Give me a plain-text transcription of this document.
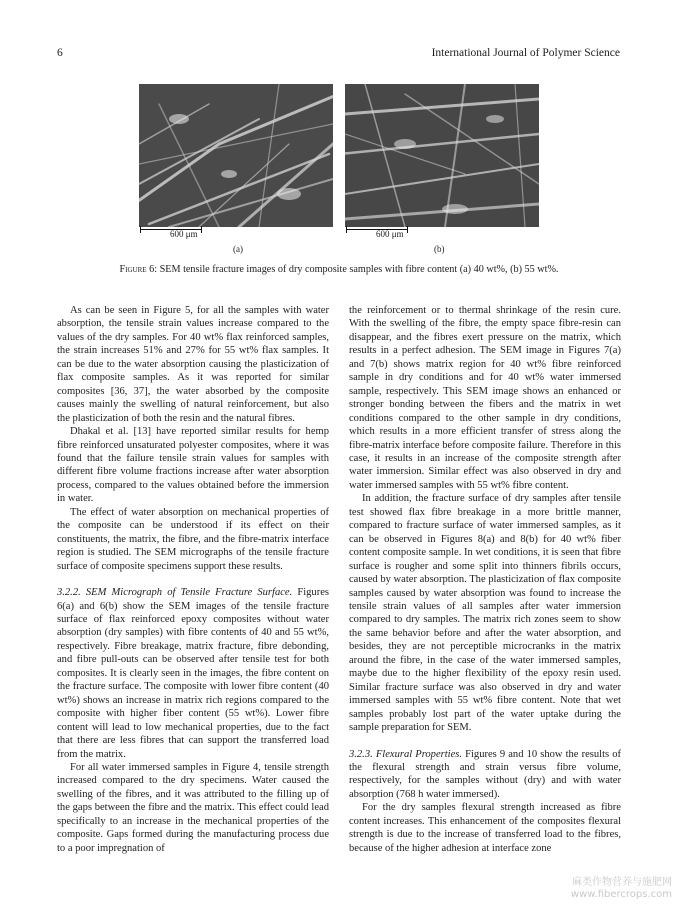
6	International Journal of Polymer Science
600 μm	600 μm
(a)	(b)
Figure 6: SEM tensile fracture images of dry composite samples with fibre content (a) 40 wt%, (b) 55 wt%.

As can be seen in Figure 5, for all the samples with water absorption, the tensile strain values increase compared to the values of the dry samples. For 40 wt% flax reinforced samples, the strain increases 51% and 27% for 55 wt% flax samples. It can be due to the water absorption causing the plasticization of flax composite samples. As it was reported for similar composites [36, 37], the water absorbed by the composite causes mainly the swelling of natural reinforcement, but also the plasticization of both the resin and the natural fibres.

Dhakal et al. [13] have reported similar results for hemp fibre reinforced unsaturated polyester composites, where it was found that the failure tensile strain values for samples with different fibre volume fractions increase after water absorption process, compared to the values obtained before the immersion in water.

The effect of water absorption on mechanical properties of the composite can be understood if its effect on their constituents, the matrix, the fibre, and the fibre-matrix interface region is studied. The SEM micrographs of the tensile fracture surface of composite specimens support these results.

3.2.2. SEM Micrograph of Tensile Fracture Surface. Figures 6(a) and 6(b) show the SEM images of the tensile fracture surface of flax reinforced epoxy composites without water absorption (dry samples) with fibre contents of 40 and 55 wt%, respectively. Fibre breakage, matrix fracture, fibre debonding, and fibre pull-outs can be observed after tensile test for both composites. It is clearly seen in the images, the fibre content on the fracture surface. The composite with lower fibre content (40 wt%) shows an increase in matrix rich regions compared to the composite with higher fiber content (55 wt%). Lower fibre content will lead to low mechanical properties, due to the fact that there are less fibres that can support the transferred load from the matrix.

For all water immersed samples in Figure 4, tensile strength increased compared to the dry specimens. Water caused the swelling of the fibres, and it was attributed to the filling up of the gaps between the fibre and the matrix. This effect could lead specifically to an increase in the mechanical properties of the composite. Gaps formed during the manufacturing process due to a poor impregnation of

the reinforcement or to thermal shrinkage of the resin cure. With the swelling of the fibre, the empty space fibre-resin can disappear, and the fibres exert pressure on the matrix, which results in a perfect adhesion. The SEM image in Figures 7(a) and 7(b) shows matrix region for 40 wt% fibre reinforced sample in dry conditions and for 40 wt% water immersed sample, respectively. This SEM image shows an enhanced or stronger bonding between the fibers and the matrix in wet conditions compared to the other sample in dry conditions, which results in a more efficient transfer of stress along the fibre-matrix interface before composite failure. Therefore in this case, it results in an increase of the composite strength after water immersion. Similar effect was also observed in dry and water immersed samples with 55 wt% fibre content.

In addition, the fracture surface of dry samples after tensile test showed flax fibre breakage in a more brittle manner, compared to fracture surface of water immersed samples, as it can be observed in Figures 8(a) and 8(b) for 40 wt% fiber content composite sample. In wet conditions, it is seen that fibre surface is rougher and some split into thinners fibrils occurs, caused by water absorption. The plasticization of flax composite samples caused by water absorption was found to increase the tensile strain values of all samples after water immersion compared to dry samples. The matrix rich zones seem to show the same behavior before and after the water absorption, and besides, they are not perceptible microcranks in the matrix around the fibre, in the case of the water immersed samples, maybe due to the higher flexibility of the epoxy resin used. Similar fracture surface was also observed in dry and water immersed samples with 55 wt% fibre content. Note that wet samples probably lost part of the water uptake during the sample preparation for SEM.

3.2.3. Flexural Properties. Figures 9 and 10 show the results of the flexural strength and strain versus fibre volume, respectively, for the samples without (dry) and with water absorption (768 h water immersed).

For the dry samples flexural strength increased as fibre content increases. This enhancement of the composites flexural strength is due to the increase of transferred load to the fibres, because of the higher adhesion at interface zone

麻类作物营养与施肥网
www.fibercrops.com
